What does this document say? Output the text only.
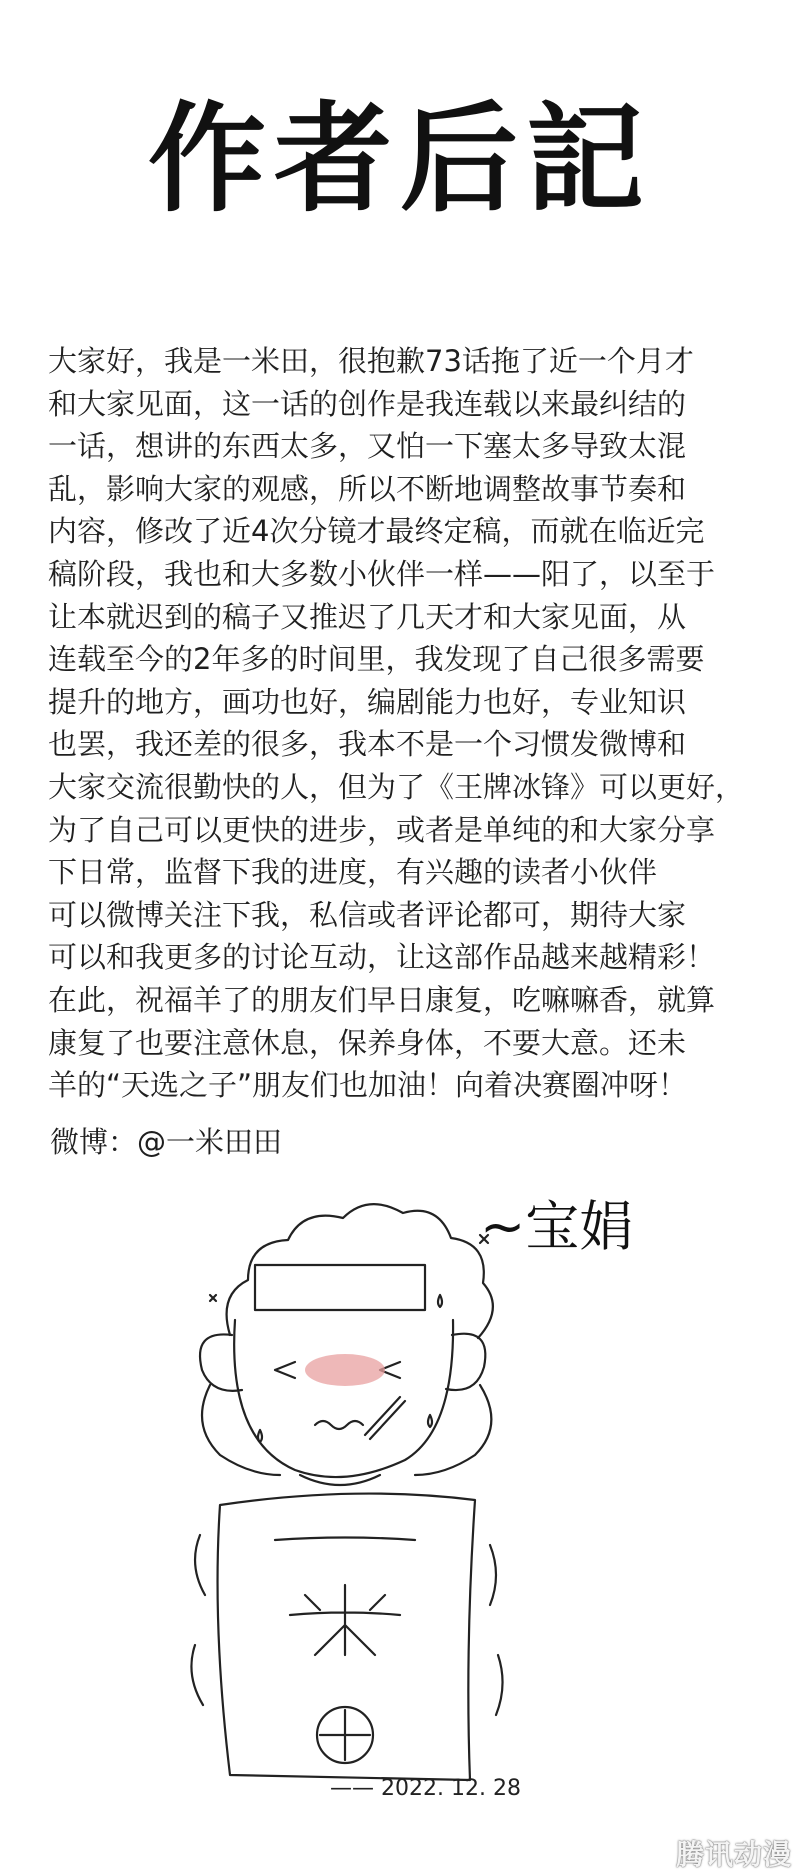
作者后記
大家好，我是一米田，很抱歉73话拖了近一个月才
和大家见面，这一话的创作是我连载以来最纠结的
一话，想讲的东西太多，又怕一下塞太多导致太混
乱，影响大家的观感，所以不断地调整故事节奏和
内容，修改了近4次分镜才最终定稿，而就在临近完
稿阶段，我也和大多数小伙伴一样——阳了，以至于
让本就迟到的稿子又推迟了几天才和大家见面，从
连载至今的2年多的时间里，我发现了自己很多需要
提升的地方，画功也好，编剧能力也好，专业知识
也罢，我还差的很多，我本不是一个习惯发微博和
大家交流很勤快的人，但为了《王牌冰锋》可以更好，
为了自己可以更快的进步，或者是单纯的和大家分享
下日常，监督下我的进度，有兴趣的读者小伙伴
可以微博关注下我，私信或者评论都可，期待大家
可以和我更多的讨论互动，让这部作品越来越精彩！
在此，祝福羊了的朋友们早日康复，吃嘛嘛香，就算
康复了也要注意休息，保养身体，不要大意。还未
羊的“天选之子”朋友们也加油！向着决赛圈冲呀！
微博：@一米田田
~宝娟
—— 2022. 12. 28
腾讯动漫
